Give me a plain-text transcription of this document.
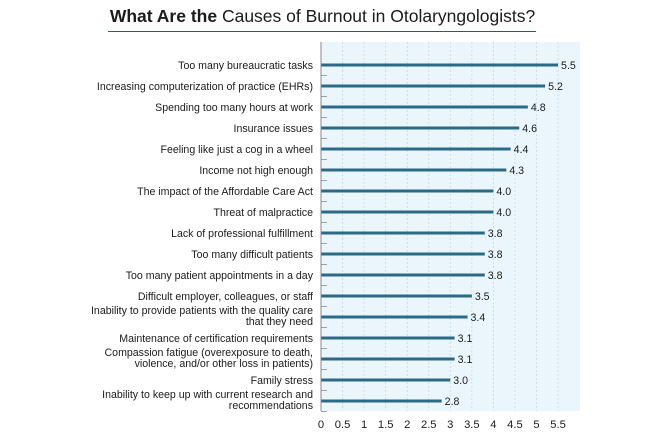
What Are the Causes of Burnout in Otolaryngologists?
Too many bureaucratic tasks
Increasing computerization of practice (EHRs)
Spending too many hours at work
Insurance issues
Feeling like just a cog in a wheel
Income not high enough
The impact of the Affordable Care Act
Threat of malpractice
Lack of professional fulfillment
Too many difficult patients
Too many patient appointments in a day
Difficult employer, colleagues, or staff
Inability to provide patients with the quality care that they need
Maintenance of certification requirements
Compassion fatigue (overexposure to death, violence, and/or other loss in patients)
Family stress
Inability to keep up with current research and recommendations
5.5
5.2
4.8
4.6
4.4
4.3
4.0
4.0
3.8
3.8
3.8
3.5
3.4
3.1
3.1
3.0
2.8
0 0.5 1 1.5 2 2.5 3 3.5 4 4.5 5 5.5
